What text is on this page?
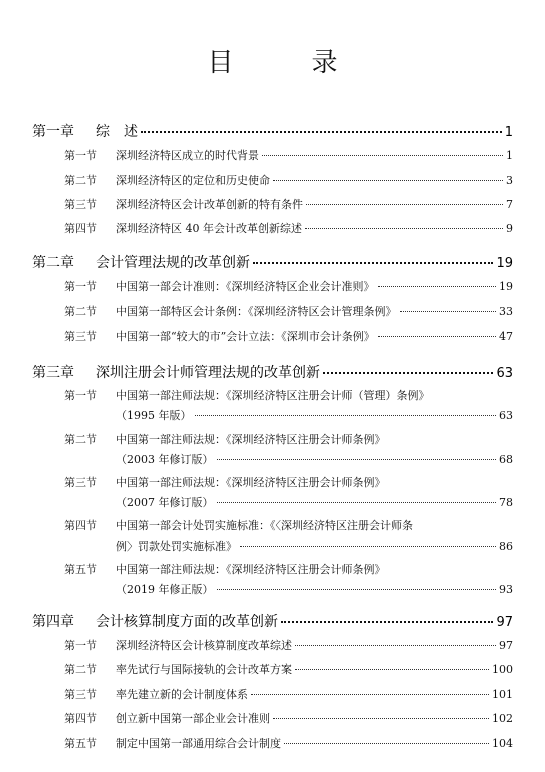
目　录
第一章	综　述	1
第一节	深圳经济特区成立的时代背景	1
第二节	深圳经济特区的定位和历史使命	3
第三节	深圳经济特区会计改革创新的特有条件	7
第四节	深圳经济特区 40 年会计改革创新综述	9
第二章	会计管理法规的改革创新	19
第一节	中国第一部会计准则：《深圳经济特区企业会计准则》	19
第二节	中国第一部特区会计条例：《深圳经济特区会计管理条例》	33
第三节	中国第一部“较大的市”会计立法：《深圳市会计条例》	47
第三章	深圳注册会计师管理法规的改革创新	63
第一节	中国第一部注师法规：《深圳经济特区注册会计师（管理）条例》
（1995 年版）	63
第二节	中国第一部注师法规：《深圳经济特区注册会计师条例》
（2003 年修订版）	68
第三节	中国第一部注师法规：《深圳经济特区注册会计师条例》
（2007 年修订版）	78
第四节	中国第一部会计处罚实施标准：《〈深圳经济特区注册会计师条
例〉罚款处罚实施标准》	86
第五节	中国第一部注师法规：《深圳经济特区注册会计师条例》
（2019 年修正版）	93
第四章	会计核算制度方面的改革创新	97
第一节	深圳经济特区会计核算制度改革综述	97
第二节	率先试行与国际接轨的会计改革方案	100
第三节	率先建立新的会计制度体系	101
第四节	创立新中国第一部企业会计准则	102
第五节	制定中国第一部通用综合会计制度	104
